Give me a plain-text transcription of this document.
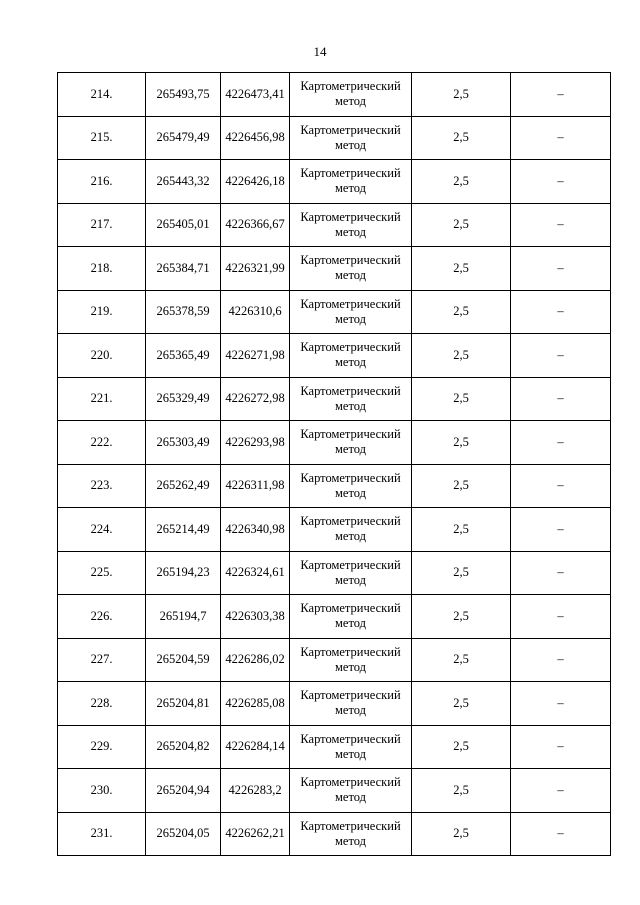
14
214.	265493,75	4226473,41	Картометрический метод	2,5	–
215.	265479,49	4226456,98	Картометрический метод	2,5	–
216.	265443,32	4226426,18	Картометрический метод	2,5	–
217.	265405,01	4226366,67	Картометрический метод	2,5	–
218.	265384,71	4226321,99	Картометрический метод	2,5	–
219.	265378,59	4226310,6	Картометрический метод	2,5	–
220.	265365,49	4226271,98	Картометрический метод	2,5	–
221.	265329,49	4226272,98	Картометрический метод	2,5	–
222.	265303,49	4226293,98	Картометрический метод	2,5	–
223.	265262,49	4226311,98	Картометрический метод	2,5	–
224.	265214,49	4226340,98	Картометрический метод	2,5	–
225.	265194,23	4226324,61	Картометрический метод	2,5	–
226.	265194,7	4226303,38	Картометрический метод	2,5	–
227.	265204,59	4226286,02	Картометрический метод	2,5	–
228.	265204,81	4226285,08	Картометрический метод	2,5	–
229.	265204,82	4226284,14	Картометрический метод	2,5	–
230.	265204,94	4226283,2	Картометрический метод	2,5	–
231.	265204,05	4226262,21	Картометрический метод	2,5	–
